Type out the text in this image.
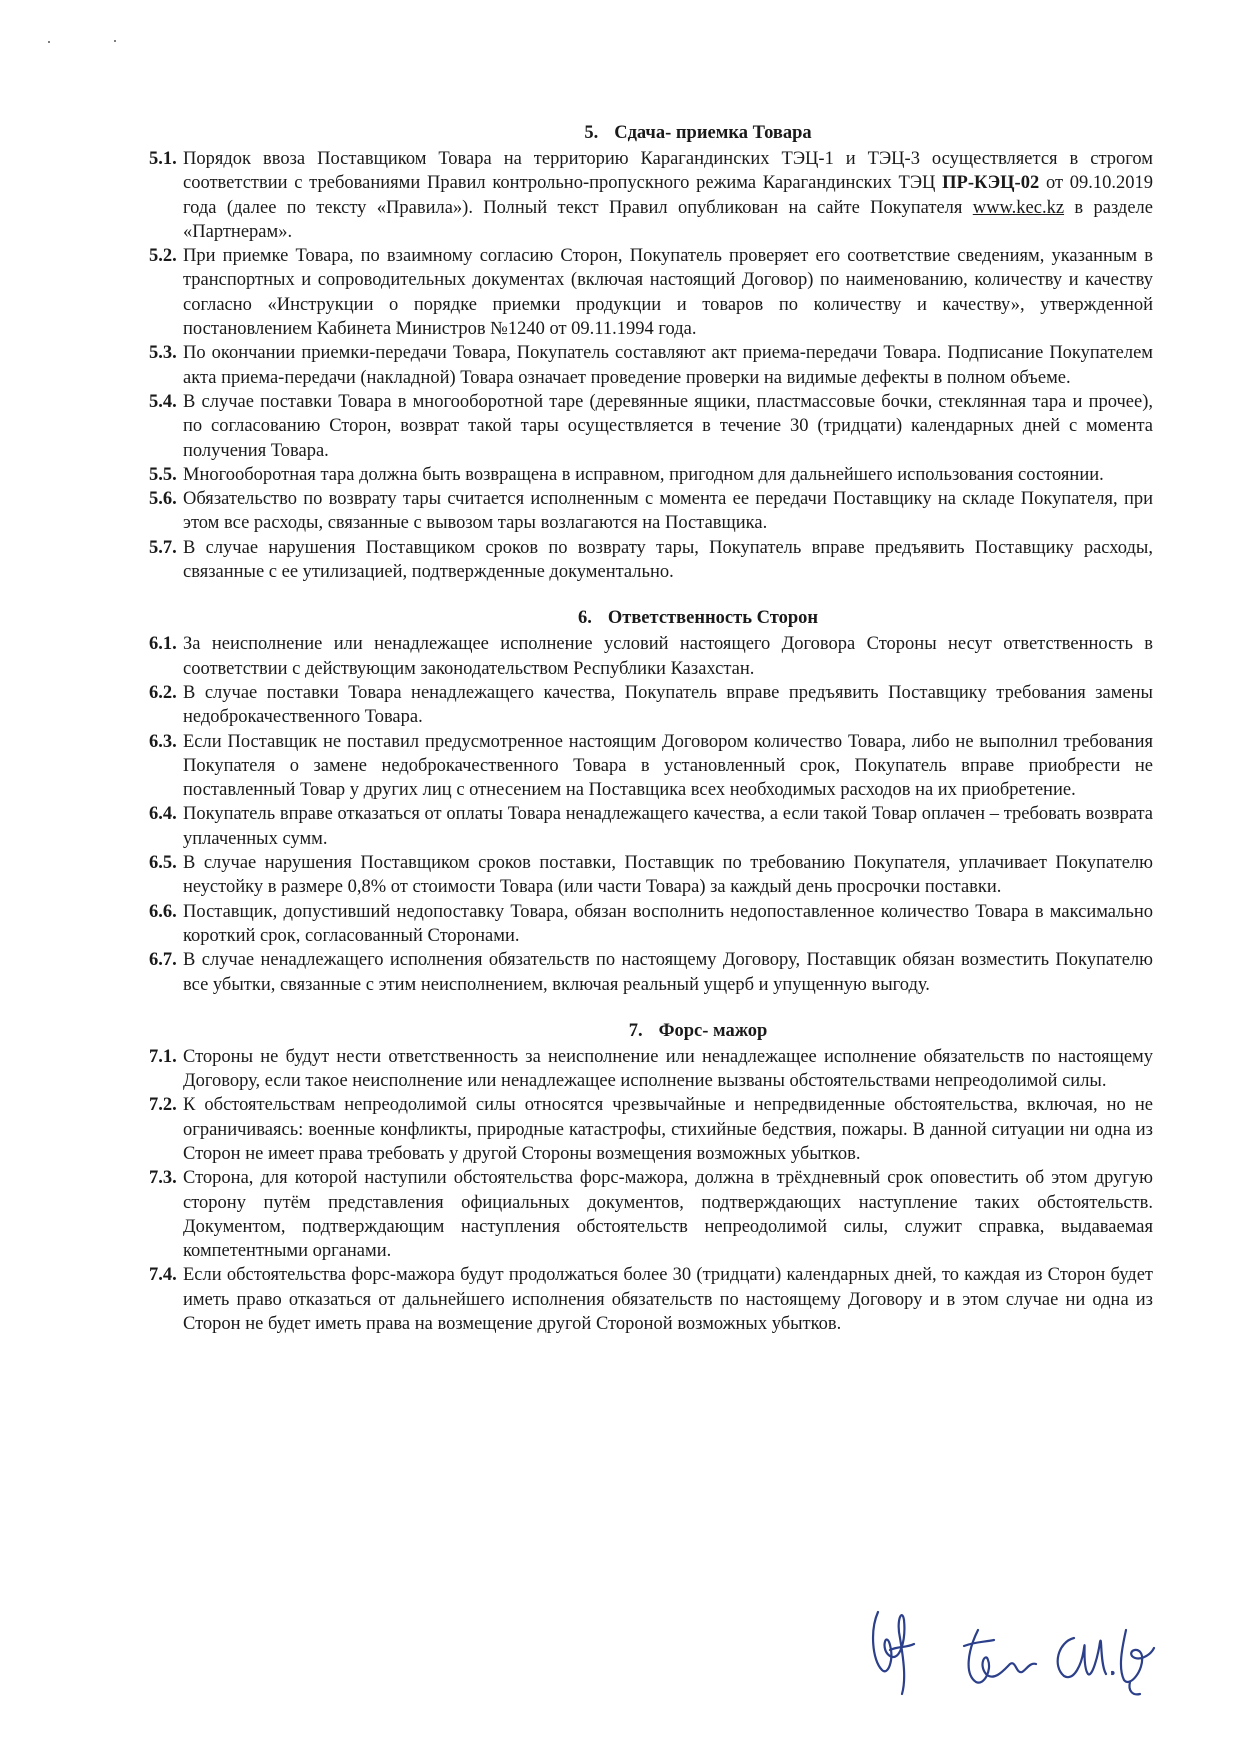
5. Сдача- приемка Товара
5.1. Порядок ввоза Поставщиком Товара на территорию Карагандинских ТЭЦ-1 и ТЭЦ-3 осуществляется в строгом соответствии с требованиями Правил контрольно-пропускного режима Карагандинских ТЭЦ ПР-КЭЦ-02 от 09.10.2019 года (далее по тексту «Правила»). Полный текст Правил опубликован на сайте Покупателя www.kec.kz в разделе «Партнерам».
5.2. При приемке Товара, по взаимному согласию Сторон, Покупатель проверяет его соответствие сведениям, указанным в транспортных и сопроводительных документах (включая настоящий Договор) по наименованию, количеству и качеству согласно «Инструкции о порядке приемки продукции и товаров по количеству и качеству», утвержденной постановлением Кабинета Министров №1240 от 09.11.1994 года.
5.3. По окончании приемки-передачи Товара, Покупатель составляют акт приема-передачи Товара. Подписание Покупателем акта приема-передачи (накладной) Товара означает проведение проверки на видимые дефекты в полном объеме.
5.4. В случае поставки Товара в многооборотной таре (деревянные ящики, пластмассовые бочки, стеклянная тара и прочее), по согласованию Сторон, возврат такой тары осуществляется в течение 30 (тридцати) календарных дней с момента получения Товара.
5.5. Многооборотная тара должна быть возвращена в исправном, пригодном для дальнейшего использования состоянии.
5.6. Обязательство по возврату тары считается исполненным с момента ее передачи Поставщику на складе Покупателя, при этом все расходы, связанные с вывозом тары возлагаются на Поставщика.
5.7. В случае нарушения Поставщиком сроков по возврату тары, Покупатель вправе предъявить Поставщику расходы, связанные с ее утилизацией, подтвержденные документально.
6. Ответственность Сторон
6.1. За неисполнение или ненадлежащее исполнение условий настоящего Договора Стороны несут ответственность в соответствии с действующим законодательством Республики Казахстан.
6.2. В случае поставки Товара ненадлежащего качества, Покупатель вправе предъявить Поставщику требования замены недоброкачественного Товара.
6.3. Если Поставщик не поставил предусмотренное настоящим Договором количество Товара, либо не выполнил требования Покупателя о замене недоброкачественного Товара в установленный срок, Покупатель вправе приобрести не поставленный Товар у других лиц с отнесением на Поставщика всех необходимых расходов на их приобретение.
6.4. Покупатель вправе отказаться от оплаты Товара ненадлежащего качества, а если такой Товар оплачен – требовать возврата уплаченных сумм.
6.5. В случае нарушения Поставщиком сроков поставки, Поставщик по требованию Покупателя, уплачивает Покупателю неустойку в размере 0,8% от стоимости Товара (или части Товара) за каждый день просрочки поставки.
6.6. Поставщик, допустивший недопоставку Товара, обязан восполнить недопоставленное количество Товара в максимально короткий срок, согласованный Сторонами.
6.7. В случае ненадлежащего исполнения обязательств по настоящему Договору, Поставщик обязан возместить Покупателю все убытки, связанные с этим неисполнением, включая реальный ущерб и упущенную выгоду.
7. Форс- мажор
7.1. Стороны не будут нести ответственность за неисполнение или ненадлежащее исполнение обязательств по настоящему Договору, если такое неисполнение или ненадлежащее исполнение вызваны обстоятельствами непреодолимой силы.
7.2. К обстоятельствам непреодолимой силы относятся чрезвычайные и непредвиденные обстоятельства, включая, но не ограничиваясь: военные конфликты, природные катастрофы, стихийные бедствия, пожары. В данной ситуации ни одна из Сторон не имеет права требовать у другой Стороны возмещения возможных убытков.
7.3. Сторона, для которой наступили обстоятельства форс-мажора, должна в трёхдневный срок оповестить об этом другую сторону путём представления официальных документов, подтверждающих наступление таких обстоятельств. Документом, подтверждающим наступления обстоятельств непреодолимой силы, служит справка, выдаваемая компетентными органами.
7.4. Если обстоятельства форс-мажора будут продолжаться более 30 (тридцати) календарных дней, то каждая из Сторон будет иметь право отказаться от дальнейшего исполнения обязательств по настоящему Договору и в этом случае ни одна из Сторон не будет иметь права на возмещение другой Стороной возможных убытков.
